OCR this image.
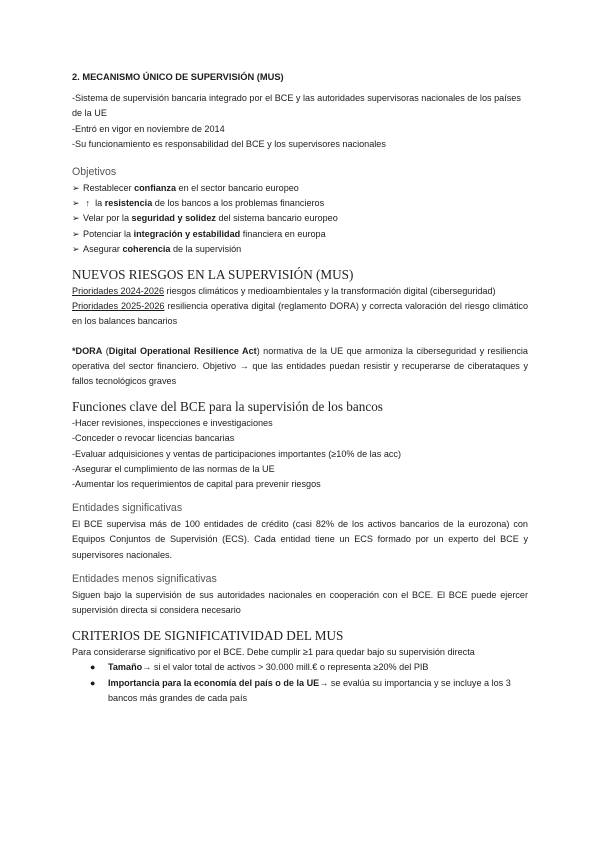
2. MECANISMO ÚNICO DE SUPERVISIÓN (MUS)

-Sistema de supervisión bancaria integrado por el BCE y las autoridades supervisoras nacionales de los países de la UE

-Entró en vigor en noviembre de 2014

-Su funcionamiento es responsabilidad del BCE y los supervisores nacionales

Objetivos

➢ Restablecer confianza en el sector bancario europeo

➢ ↑  la resistencia de los bancos a los problemas financieros

➢ Velar por la seguridad y solidez del sistema bancario europeo

➢ Potenciar la integración y estabilidad financiera en europa

➢ Asegurar coherencia de la supervisión

NUEVOS RIESGOS EN LA SUPERVISIÓN (MUS)

Prioridades 2024-2026 riesgos climáticos y medioambientales y la transformación digital (ciberseguridad)

Prioridades 2025-2026 resiliencia operativa digital (reglamento DORA) y correcta valoración del riesgo climático en los balances bancarios

*DORA (Digital Operational Resilience Act) normativa de la UE que armoniza la ciberseguridad y resiliencia operativa del sector financiero. Objetivo → que las entidades puedan resistir y recuperarse de ciberataques y fallos tecnológicos graves

Funciones clave del BCE para la supervisión de los bancos

-Hacer revisiones, inspecciones e investigaciones

-Conceder o revocar licencias bancarias

-Evaluar adquisiciones y ventas de participaciones importantes (≥10% de las acc)

-Asegurar el cumplimiento de las normas de la UE

-Aumentar los requerimientos de capital para prevenir riesgos

Entidades significativas

El BCE supervisa más de 100 entidades de crédito (casi 82% de los activos bancarios de la eurozona) con Equipos Conjuntos de Supervisión (ECS). Cada entidad tiene un ECS formado por un experto del BCE y supervisores nacionales.

Entidades menos significativas

Siguen bajo la supervisión de sus autoridades nacionales en cooperación con el BCE. El BCE puede ejercer supervisión directa si considera necesario

CRITERIOS DE SIGNIFICATIVIDAD DEL MUS

Para considerarse significativo por el BCE. Debe cumplir ≥1 para quedar bajo su supervisión directa

● Tamaño→ si el valor total de activos > 30.000 mill.€ o representa ≥20% del PIB
● Importancia para la economía del país o de la UE→ se evalúa su importancia y se incluye a los 3 bancos más grandes de cada país
